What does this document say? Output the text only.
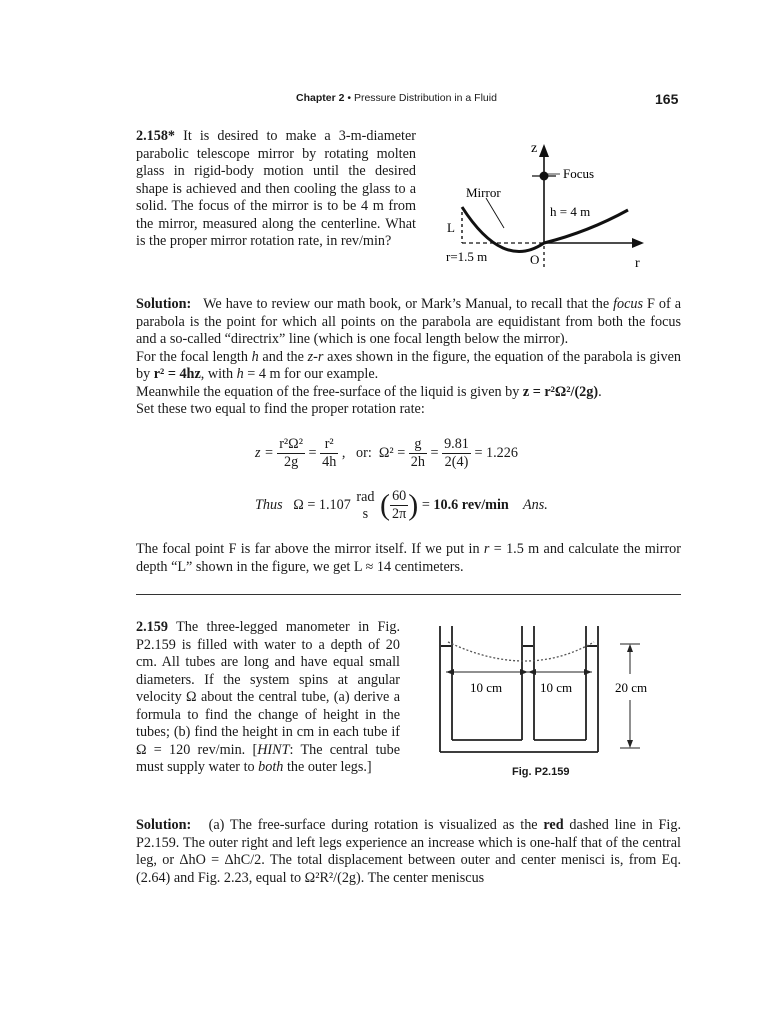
Chapter 2 • Pressure Distribution in a Fluid	165
2.158* It is desired to make a 3-m-diameter parabolic telescope mirror by rotating molten glass in rigid-body motion until the desired shape is achieved and then cooling the glass to a solid. The focus of the mirror is to be 4 m from the mirror, measured along the centerline. What is the proper mirror rotation rate, in rev/min?
z
Focus
h = 4 m
Mirror
L
r=1.5 m	O	r

Solution: We have to review our math book, or Mark’s Manual, to recall that the focus F of a parabola is the point for which all points on the parabola are equidistant from both the focus and a so-called “directrix” line (which is one focal length below the mirror).

For the focal length h and the z-r axes shown in the figure, the equation of the parabola is given by r² = 4hz, with h = 4 m for our example.

Meanwhile the equation of the free-surface of the liquid is given by z = r²Ω²/(2g).

Set these two equal to find the proper rotation rate:

$z = \frac{\text{r²Ω²}}{2g} = \frac{\text{r²}}{4h}$ ,   or:  $\Omega^2 = \frac{g}{2h} = \frac{9.81}{2(4)} = 1.226$
Thus Ω = 1.107
rad
s ( $\frac{60}{2\pi}$ ) = 10.6 rev/min Ans.
The focal point F is far above the mirror itself. If we put in r = 1.5 m and calculate the mirror depth “L” shown in the figure, we get L ≈ 14 centimeters.
2.159 The three-legged manometer in Fig. P2.159 is filled with water to a depth of 20 cm. All tubes are long and have equal small diameters. If the system spins at angular velocity Ω about the central tube, (a) derive a formula to find the change of height in the tubes; (b) find the height in cm in each tube if Ω = 120 rev/min. [HINT: The central tube must supply water to both the outer legs.]
10 cm	10 cm	20 cm
Fig. P2.159
Solution: (a) The free-surface during rotation is visualized as the red dashed line in Fig. P2.159. The outer right and left legs experience an increase which is one-half that of the central leg, or ΔhO = ΔhC/2. The total displacement between outer and center menisci is, from Eq. (2.64) and Fig. 2.23, equal to Ω²R²/(2g). The center meniscus
